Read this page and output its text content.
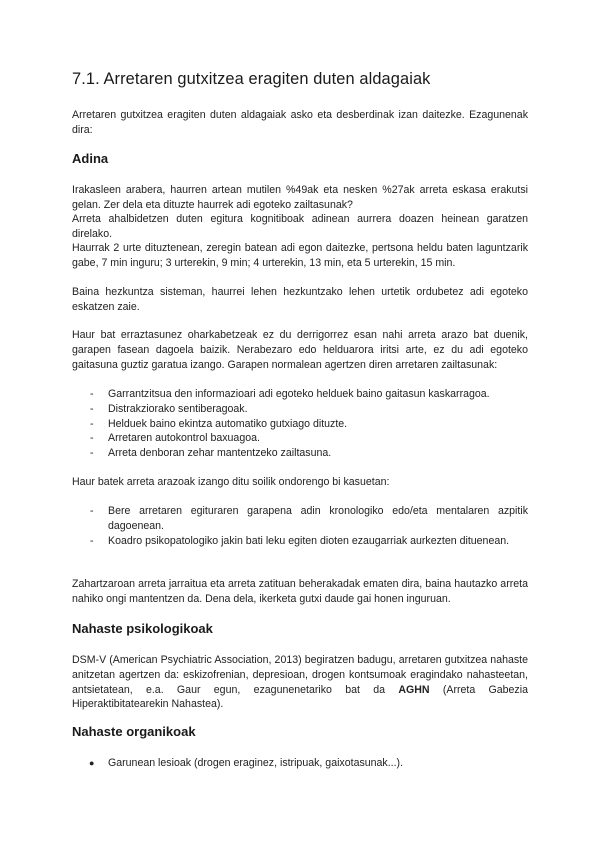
7.1. Arretaren gutxitzea eragiten duten aldagaiak

Arretaren gutxitzea eragiten duten aldagaiak asko eta desberdinak izan daitezke. Ezagunenak dira:

Adina

Irakasleen arabera, haurren artean mutilen %49ak eta nesken %27ak arreta eskasa erakutsi gelan. Zer dela eta dituzte haurrek adi egoteko zailtasunak?

Arreta ahalbidetzen duten egitura kognitiboak adinean aurrera doazen heinean garatzen direlako.

Haurrak 2 urte dituztenean, zeregin batean adi egon daitezke, pertsona heldu baten laguntzarik gabe, 7 min inguru; 3 urterekin, 9 min; 4 urterekin, 13 min, eta 5 urterekin, 15 min.

Baina hezkuntza sisteman, haurrei lehen hezkuntzako lehen urtetik ordubetez adi egoteko eskatzen zaie.

Haur bat erraztasunez oharkabetzeak ez du derrigorrez esan nahi arreta arazo bat duenik, garapen fasean dagoela baizik. Nerabezaro edo helduarora iritsi arte, ez du adi egoteko gaitasuna guztiz garatua izango. Garapen normalean agertzen diren arretaren zailtasunak:

- Garrantzitsua den informazioari adi egoteko helduek baino gaitasun kaskarragoa.
- Distrakziorako sentiberagoak.
- Helduek baino ekintza automatiko gutxiago dituzte.
- Arretaren autokontrol baxuagoa.
- Arreta denboran zehar mantentzeko zailtasuna.

Haur batek arreta arazoak izango ditu soilik ondorengo bi kasuetan:

- Bere arretaren egituraren garapena adin kronologiko edo/eta mentalaren azpitik dagoenean.
- Koadro psikopatologiko jakin bati leku egiten dioten ezaugarriak aurkezten dituenean.

Zahartzaroan arreta jarraitua eta arreta zatituan beherakadak ematen dira, baina hautazko arreta nahiko ongi mantentzen da. Dena dela, ikerketa gutxi daude gai honen inguruan.

Nahaste psikologikoak

DSM-V (American Psychiatric Association, 2013) begiratzen badugu, arretaren gutxitzea nahaste anitzetan agertzen da: eskizofrenian, depresioan, drogen kontsumoak eragindako nahasteetan, antsietatean, e.a. Gaur egun, ezagunenetariko bat da AGHN (Arreta Gabezia Hiperaktibitatearekin Nahastea).

Nahaste organikoak
● Garunean lesioak (drogen eraginez, istripuak, gaixotasunak...).
